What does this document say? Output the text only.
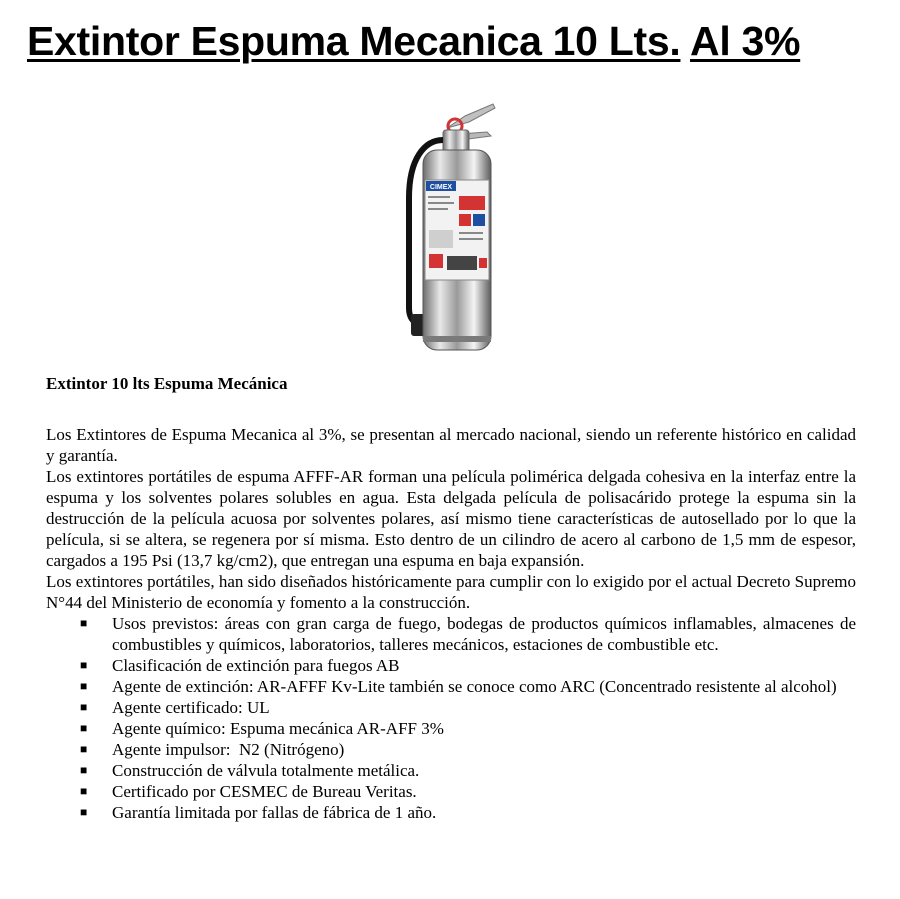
Extintor Espuma Mecanica 10 Lts. Al 3%
CIMEX
Extintor 10 lts Espuma Mecánica

Los Extintores de Espuma Mecanica al 3%, se presentan al mercado nacional, siendo un referente histórico en calidad y garantía.

Los extintores portátiles de espuma AFFF-AR forman una película polimérica delgada cohesiva en la interfaz entre la espuma y los solventes polares solubles en agua. Esta delgada película de polisacárido protege la espuma sin la destrucción de la película acuosa por solventes polares, así mismo tiene características de autosellado por lo que la película, si se altera, se regenera por sí misma. Esto dentro de un cilindro de acero al carbono de 1,5 mm de espesor, cargados a 195 Psi (13,7 kg/cm2), que entregan una espuma en baja expansión.

Los extintores portátiles, han sido diseñados históricamente para cumplir con lo exigido por el actual Decreto Supremo N°44 del Ministerio de economía y fomento a la construcción.

■ Usos previstos: áreas con gran carga de fuego, bodegas de productos químicos inflamables, almacenes de combustibles y químicos, laboratorios, talleres mecánicos, estaciones de combustible etc.
■ Clasificación de extinción para fuegos AB
■ Agente de extinción: AR-AFFF Kv-Lite también se conoce como ARC (Concentrado resistente al alcohol)
■ Agente certificado: UL
■ Agente químico: Espuma mecánica AR-AFF 3%
■ Agente impulsor:  N2 (Nitrógeno)
■ Construcción de válvula totalmente metálica.
■ Certificado por CESMEC de Bureau Veritas.
■ Garantía limitada por fallas de fábrica de 1 año.
